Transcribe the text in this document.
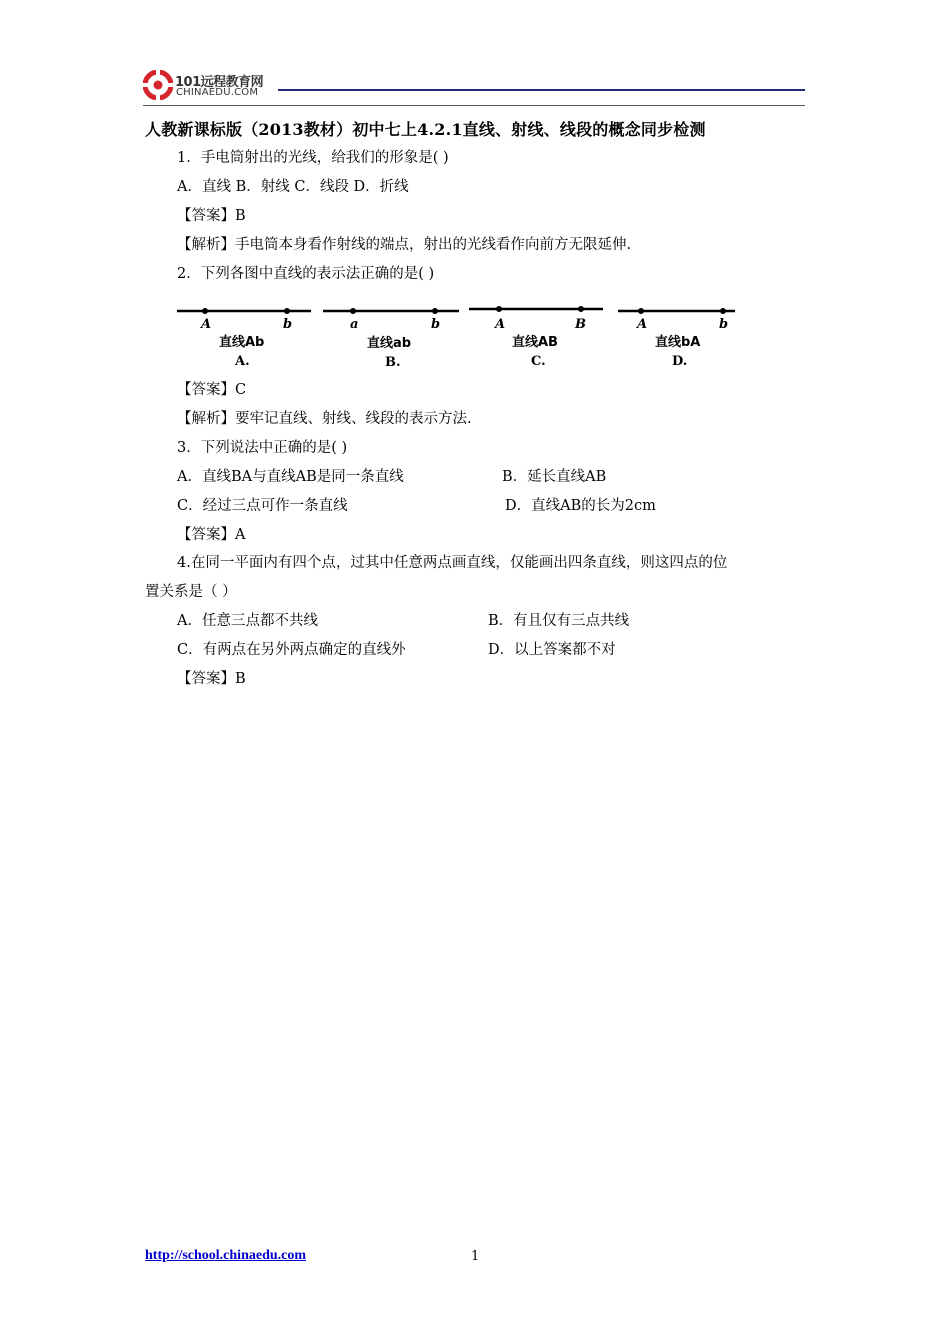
101远程教育网
CHINAEDU.COM
人教新课标版（2013教材）初中七上4.2.1直线、射线、线段的概念同步检测
1．手电筒射出的光线，给我们的形象是( )
A．直线 B．射线 C．线段 D．折线
【答案】B
【解析】手电筒本身看作射线的端点，射出的光线看作向前方无限延伸.
2．下列各图中直线的表示法正确的是( )
A	b
直线Ab
A.
a	b
直线ab
B.
A	B
直线AB
C.
A	b
直线bA
D.
【答案】C
【解析】要牢记直线、射线、线段的表示方法.
3．下列说法中正确的是( )
A．直线BA与直线AB是同一条直线	B．延长直线AB
C．经过三点可作一条直线	D．直线AB的长为2cm
【答案】A
4.在同一平面内有四个点，过其中任意两点画直线，仅能画出四条直线，则这四点的位
置关系是（ ）
A．任意三点都不共线	B．有且仅有三点共线
C．有两点在另外两点确定的直线外	D．以上答案都不对
【答案】B
http://school.chinaedu.com	1
